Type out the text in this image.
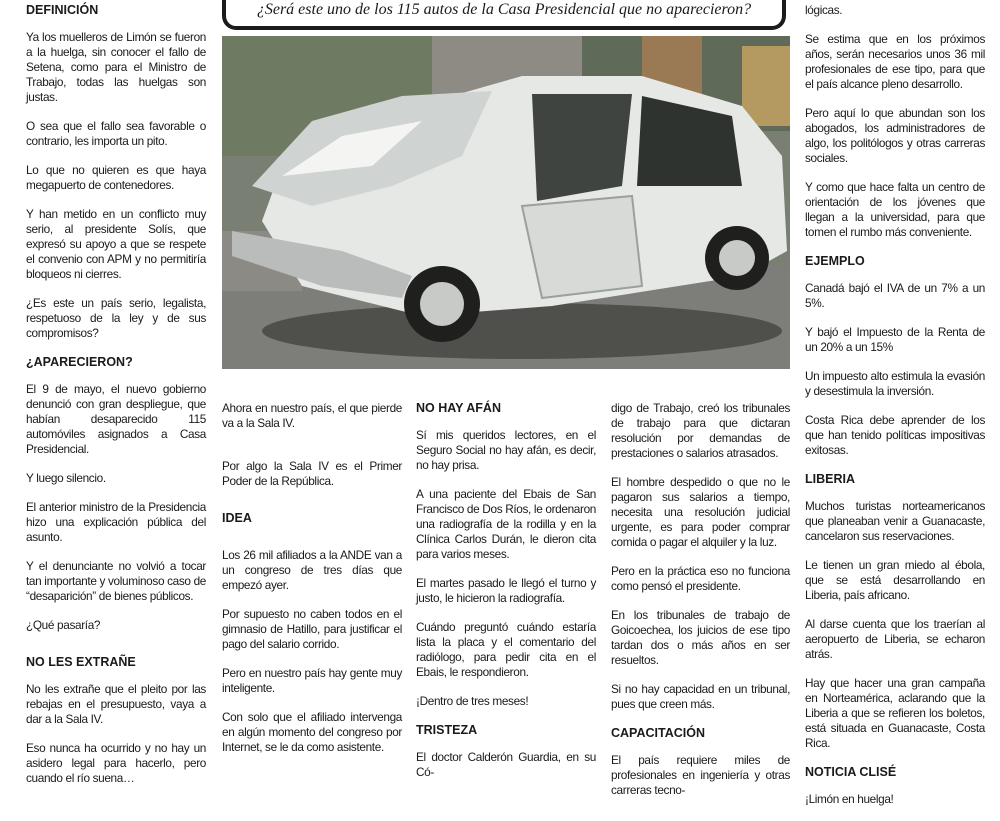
DEFINICIÓN

Ya los muelleros de Limón se fueron a la huelga, sin conocer el fallo de Setena, como para el Ministro de Trabajo, todas las huelgas son justas.

O sea que el fallo sea favorable o contrario, les importa un pito.

Lo que no quieren es que haya megapuerto de contenedores.

Y han metido en un conflicto muy serio, al presidente Solís, que expresó su apoyo a que se respete el convenio con APM y no permitiría bloqueos ni cierres.

¿Es este un país serio, legalista, respetuoso de la ley y de sus compromisos?

¿APARECIERON?

El 9 de mayo, el nuevo gobierno denunció con gran despliegue, que habían desaparecido 115 automóviles asignados a Casa Presidencial.

Y luego silencio.

El anterior ministro de la Presidencia hizo una explicación pública del asunto.

Y el denunciante no volvió a tocar tan importante y voluminoso caso de “desaparición” de bienes públicos.

¿Qué pasaría?

NO LES EXTRAÑE

No les extrañe que el pleito por las rebajas en el presupuesto, vaya a dar a la Sala IV.

Eso nunca ha ocurrido y no hay un asidero legal para hacerlo, pero cuando el río suena…

¿Será este uno de los 115 autos de la Casa Presidencial que no aparecieron?

Ahora en nuestro país, el que pierde va a la Sala IV.

Por algo la Sala IV es el Primer Poder de la República.

IDEA

Los 26 mil afiliados a la ANDE van a un congreso de tres días que empezó ayer.

Por supuesto no caben todos en el gimnasio de Hatillo, para justificar el pago del salario corrido.

Pero en nuestro país hay gente muy inteligente.

Con solo que el afiliado intervenga en algún momento del congreso por Internet, se le da como asistente.

NO HAY AFÁN

Sí mis queridos lectores, en el Seguro Social no hay afán, es decir, no hay prisa.

A una paciente del Ebais de San Francisco de Dos Ríos, le ordenaron una radiografía de la rodilla y en la Clínica Carlos Durán, le dieron cita para varios meses.

El martes pasado le llegó el turno y justo, le hicieron la radiografía.

Cuándo preguntó cuándo estaría lista la placa y el comentario del radiólogo, para pedir cita en el Ebais, le respondieron.

¡Dentro de tres meses!

TRISTEZA

El doctor Calderón Guardia, en su Có-

digo de Trabajo, creó los tribunales de trabajo para que dictaran resolución por demandas de prestaciones o salarios atrasados.

El hombre despedido o que no le pagaron sus salarios a tiempo, necesita una resolución judicial urgente, es para poder comprar comida o pagar el alquiler y la luz.

Pero en la práctica eso no funciona como pensó el presidente.

En los tribunales de trabajo de Goicoechea, los juicios de ese tipo tardan dos o más años en ser resueltos.

Si no hay capacidad en un tribunal, pues que creen más.

CAPACITACIÓN

El país requiere miles de profesionales en ingeniería y otras carreras tecno-

lógicas.

Se estima que en los próximos años, serán necesarios unos 36 mil profesionales de ese tipo, para que el país alcance pleno desarrollo.

Pero aquí lo que abundan son los abogados, los administradores de algo, los politólogos y otras carreras sociales.

Y como que hace falta un centro de orientación de los jóvenes que llegan a la universidad, para que tomen el rumbo más conveniente.

EJEMPLO

Canadá bajó el IVA de un 7% a un 5%.

Y bajó el Impuesto de la Renta de un 20% a un 15%

Un impuesto alto estimula la evasión y desestimula la inversión.

Costa Rica debe aprender de los que han tenido políticas impositivas exitosas.

LIBERIA

Muchos turistas norteamericanos que planeaban venir a Guanacaste, cancelaron sus reservaciones.

Le tienen un gran miedo al ébola, que se está desarrollando en Liberia, país africano.

Al darse cuenta que los traerían al aeropuerto de Liberia, se echaron atrás.

Hay que hacer una gran campaña en Norteamérica, aclarando que la Liberia a que se refieren los boletos, está situada en Guanacaste, Costa Rica.

NOTICIA CLISÉ

¡Limón en huelga!
